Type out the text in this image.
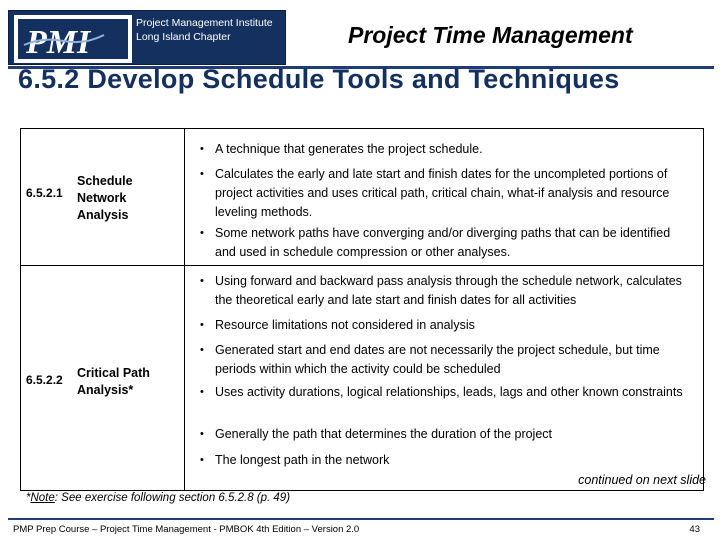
PMI
Project Management Institute
Long Island Chapter	Project Time Management
6.5.2 Develop Schedule Tools and Techniques
6.5.2.1
Schedule Network Analysis
• A technique that generates the project schedule.
• Calculates the early and late start and finish dates for the uncompleted portions of project activities and uses critical path, critical chain, what-if analysis and resource leveling methods.
• Some network paths have converging and/or diverging paths that can be identified and used in schedule compression or other analyses.
6.5.2.2 Critical Path Analysis*
• Using forward and backward pass analysis through the schedule network, calculates the theoretical early and late start and finish dates for all activities
• Resource limitations not considered in analysis
• Generated start and end dates are not necessarily the project schedule, but time periods within which the activity could be scheduled
• Uses activity durations, logical relationships, leads, lags and other known constraints
• Generally the path that determines the duration of the project
• The longest path in the network
continued on next slide
*Note: See exercise following section 6.5.2.8 (p. 49)
PMP Prep Course – Project Time Management - PMBOK 4th Edition – Version 2.0	43
